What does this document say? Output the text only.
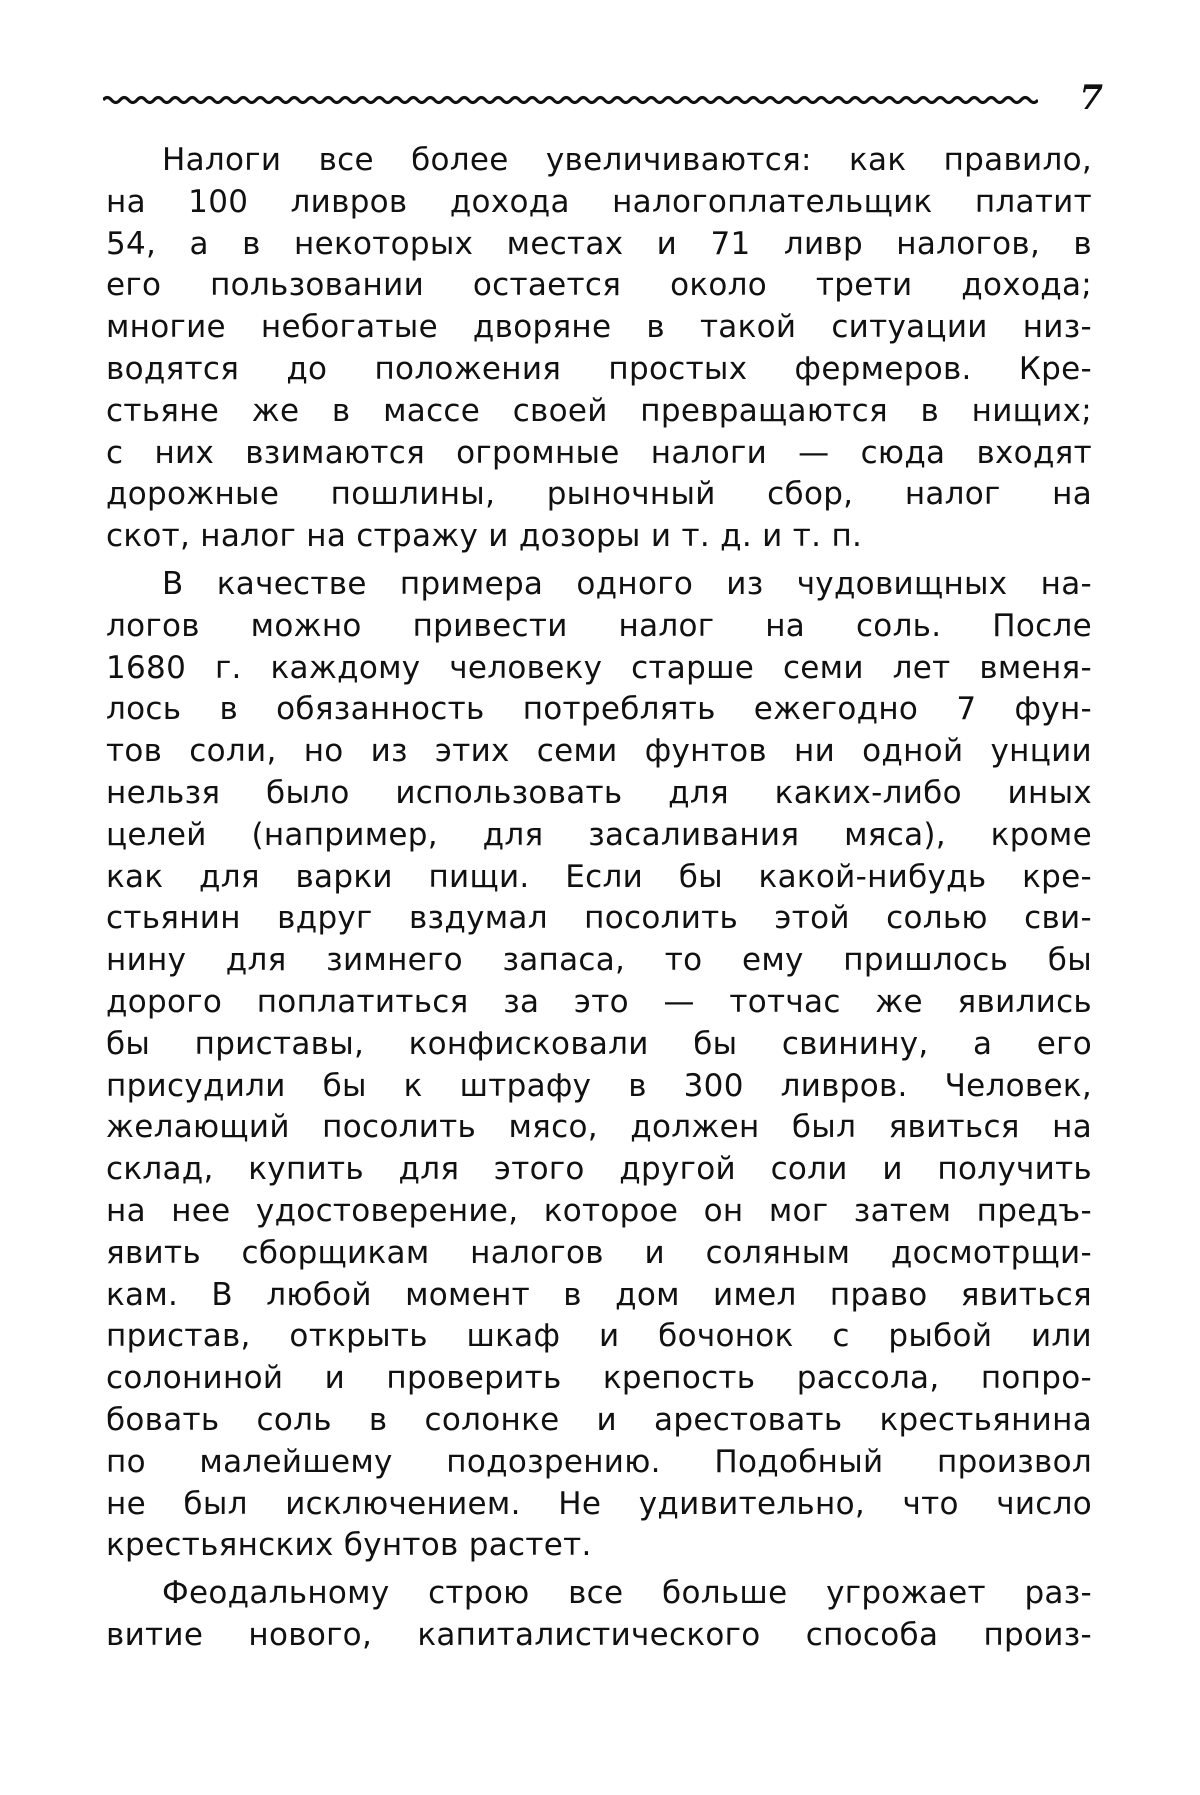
7

Налоги все более увеличиваются: как правило,
на 100 ливров дохода налогоплательщик платит
54, а в некоторых местах и 71 ливр налогов, в
его пользовании остается около трети дохода;
многие небогатые дворяне в такой ситуации низ-
водятся до положения простых фермеров. Кре-
стьяне же в массе своей превращаются в нищих;
с них взимаются огромные налоги — сюда входят
дорожные пошлины, рыночный сбор, налог на
скот, налог на стражу и дозоры и т. д. и т. п.

В качестве примера одного из чудовищных на-
логов можно привести налог на соль. После
1680 г. каждому человеку старше семи лет вменя-
лось в обязанность потреблять ежегодно 7 фун-
тов соли, но из этих семи фунтов ни одной унции
нельзя было использовать для каких-либо иных
целей (например, для засаливания мяса), кроме
как для варки пищи. Если бы какой-нибудь кре-
стьянин вдруг вздумал посолить этой солью сви-
нину для зимнего запаса, то ему пришлось бы
дорого поплатиться за это — тотчас же явились
бы приставы, конфисковали бы свинину, а его
присудили бы к штрафу в 300 ливров. Человек,
желающий посолить мясо, должен был явиться на
склад, купить для этого другой соли и получить
на нее удостоверение, которое он мог затем предъ-
явить сборщикам налогов и соляным досмотрщи-
кам. В любой момент в дом имел право явиться
пристав, открыть шкаф и бочонок с рыбой или
солониной и проверить крепость рассола, попро-
бовать соль в солонке и арестовать крестьянина
по малейшему подозрению. Подобный произвол
не был исключением. Не удивительно, что число
крестьянских бунтов растет.

Феодальному строю все больше угрожает раз-
витие нового, капиталистического способа произ-
